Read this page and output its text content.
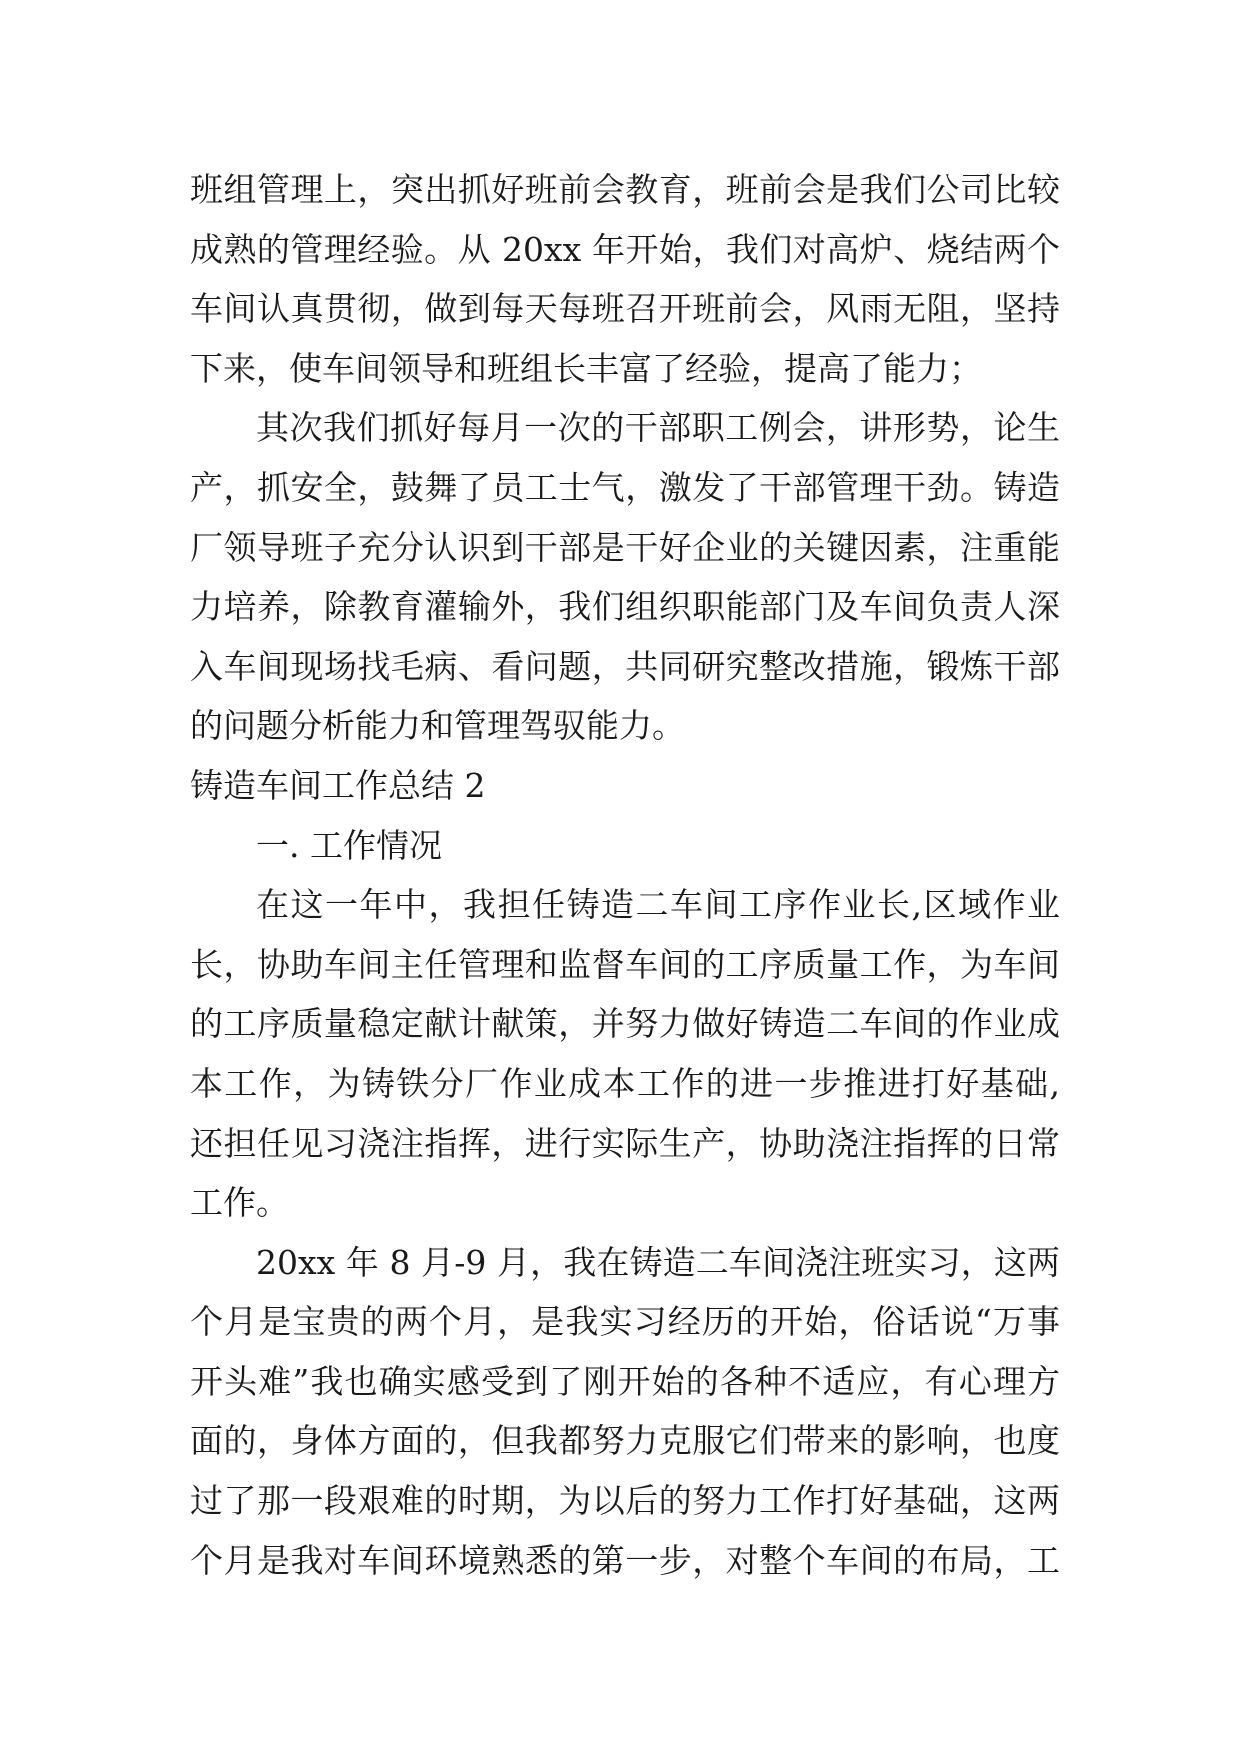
班组管理上，突出抓好班前会教育，班前会是我们公司比较
成熟的管理经验。从 20xx 年开始，我们对高炉、烧结两个
车间认真贯彻，做到每天每班召开班前会，风雨无阻，坚持
下来，使车间领导和班组长丰富了经验，提高了能力；
其次我们抓好每月一次的干部职工例会，讲形势，论生
产，抓安全，鼓舞了员工士气，激发了干部管理干劲。铸造
厂领导班子充分认识到干部是干好企业的关键因素，注重能
力培养，除教育灌输外，我们组织职能部门及车间负责人深
入车间现场找毛病、看问题，共同研究整改措施，锻炼干部
的问题分析能力和管理驾驭能力。
铸造车间工作总结 2
一. 工作情况
在这一年中，我担任铸造二车间工序作业长,区域作业
长，协助车间主任管理和监督车间的工序质量工作，为车间
的工序质量稳定献计献策，并努力做好铸造二车间的作业成
本工作，为铸铁分厂作业成本工作的进一步推进打好基础,
还担任见习浇注指挥，进行实际生产，协助浇注指挥的日常
工作。
20xx 年 8 月-9 月，我在铸造二车间浇注班实习，这两
个月是宝贵的两个月，是我实习经历的开始，俗话说“万事
开头难”我也确实感受到了刚开始的各种不适应，有心理方
面的，身体方面的，但我都努力克服它们带来的影响，也度
过了那一段艰难的时期，为以后的努力工作打好基础，这两
个月是我对车间环境熟悉的第一步，对整个车间的布局，工
